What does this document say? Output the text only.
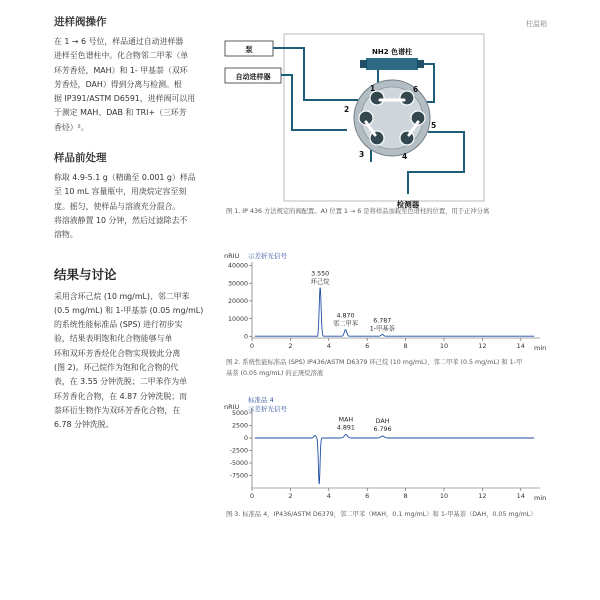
进样阀操作
在 1 → 6 号位，样品通过自动进样器
进样至色谱柱中。化合物邻二甲苯（单
环芳香烃，MAH）和 1- 甲基萘（双环
芳香烃，DAH）得到分离与检测。根
据 IP391/ASTM D6591，进样阀可以用
于测定 MAH、DAB 和 TRI+（三环芳
香烃）²。
样品前处理
称取 4.9-5.1 g（精确至 0.001 g）样品
至 10 mL 容量瓶中，用庚烷定容至刻
度。摇匀，使样品与溶液充分混合。
将溶液静置 10 分钟，然后过滤除去不
溶物。
结果与讨论
采用含环己烷 (10 mg/mL)、邻二甲苯
(0.5 mg/mL) 和 1-甲基萘 (0.05 mg/mL)
的系统性能标准品 (SPS) 进行初步实
验，结果表明饱和化合物能够与单
环和双环芳香烃化合物实现彼此分离
(图 2)。环己烷作为饱和化合物的代
表，在 3.55 分钟洗脱；二甲苯作为单
环芳香化合物，在 4.87 分钟洗脱；而
萘环衍生物作为双环芳香化合物，在
6.78 分钟洗脱。
柱温箱
泵
自动进样器
NH2 色谱柱
1
2
3	4
5
6
检测器
图 1. IP 436 方法规定的阀配置。A) 位置 1 → 6 是将样品加载至色谱柱的位置，用于正冲分离
nRIU 示差折光信号
min
0	2	4	6	8	10	12	14
0
10000
20000
30000
40000
3.550
环己烷
4.870
邻二甲苯 6.787
1-甲基萘
图 2. 系统性能标准品 (SPS) IP436/ASTM D6379 环己烷 (10 mg/mL)、邻二甲苯 (0.5 mg/mL) 和 1-甲
基萘 (0.05 mg/mL) 的正庚烷溶液
nRIU
标准品 4
示差折光信号
min
0	2	4	6	8	10	12	14
5000
2500
0
-2500
-5000
-7500
MAH
4.891
DAH
6.796
图 3. 标准品 4，IP436/ASTM D6379，邻二甲苯（MAH，0.1 mg/mL）和 1-甲基萘（DAH，0.05 mg/mL）
